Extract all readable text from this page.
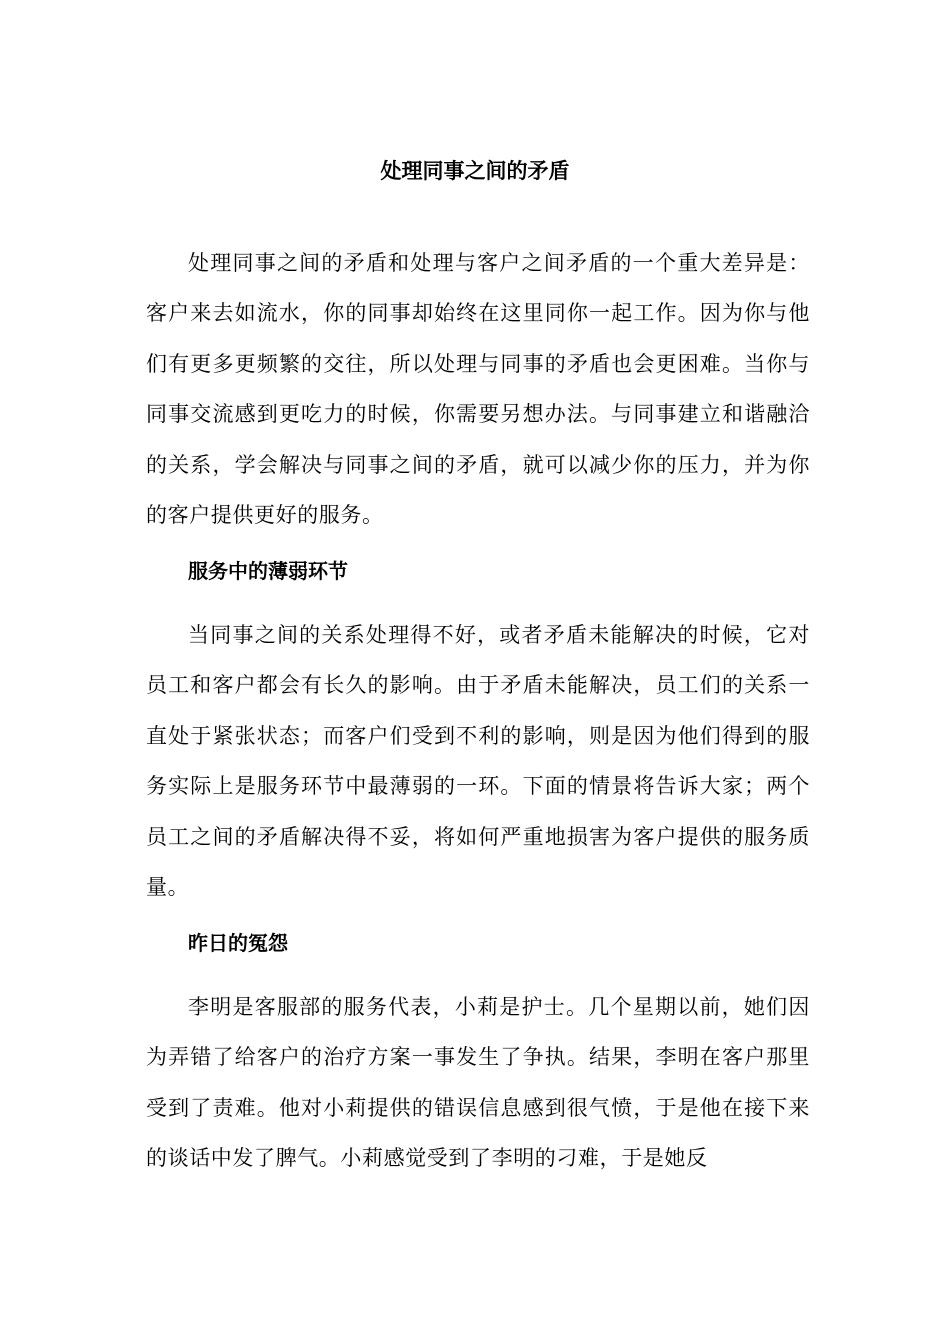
处理同事之间的矛盾

处理同事之间的矛盾和处理与客户之间矛盾的一个重大差异是：客户来去如流水，你的同事却始终在这里同你一起工作。因为你与他们有更多更频繁的交往，所以处理与同事的矛盾也会更困难。当你与同事交流感到更吃力的时候，你需要另想办法。与同事建立和谐融洽的关系，学会解决与同事之间的矛盾，就可以减少你的压力，并为你的客户提供更好的服务。

服务中的薄弱环节

当同事之间的关系处理得不好，或者矛盾未能解决的时候，它对员工和客户都会有长久的影响。由于矛盾未能解决，员工们的关系一直处于紧张状态；而客户们受到不利的影响，则是因为他们得到的服务实际上是服务环节中最薄弱的一环。下面的情景将告诉大家；两个员工之间的矛盾解决得不妥，将如何严重地损害为客户提供的服务质量。

昨日的冤怨

李明是客服部的服务代表，小莉是护士。几个星期以前，她们因为弄错了给客户的治疗方案一事发生了争执。结果，李明在客户那里受到了责难。他对小莉提供的错误信息感到很气愤，于是他在接下来的谈话中发了脾气。小莉感觉受到了李明的刁难，于是她反
